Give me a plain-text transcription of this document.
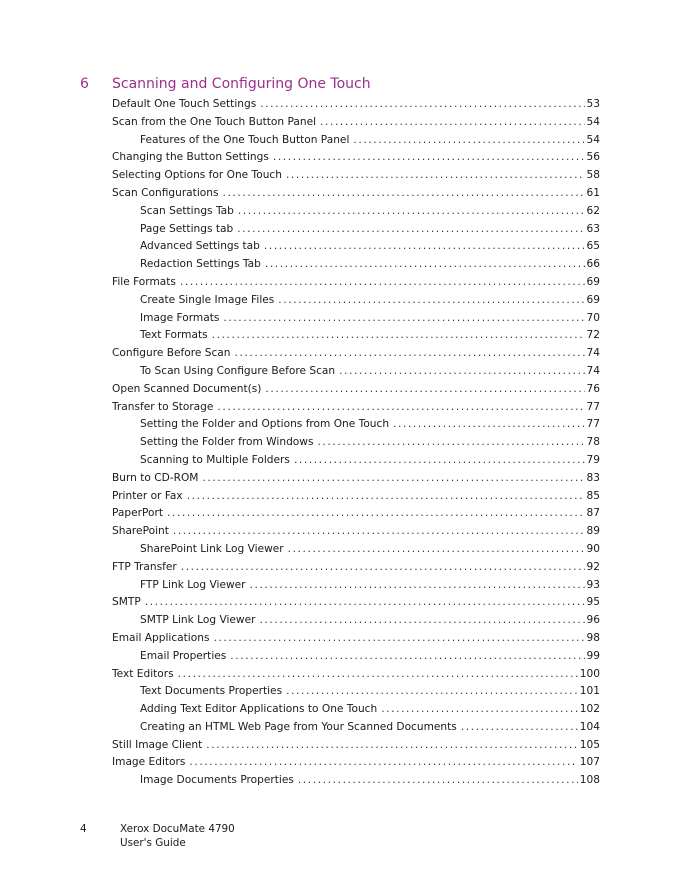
6 Scanning and Configuring One Touch
Default One Touch Settings .....	53
Scan from the One Touch Button Panel .....	54
Features of the One Touch Button Panel .....	54
Changing the Button Settings .....	56
Selecting Options for One Touch .....	58
Scan Configurations .....	61
Scan Settings Tab .....	62
Page Settings tab .....	63
Advanced Settings tab .....	65
Redaction Settings Tab .....	66
File Formats .....	69
Create Single Image Files .....	69
Image Formats .....	70
Text Formats .....	72
Configure Before Scan .....	74
To Scan Using Configure Before Scan .....	74
Open Scanned Document(s) .....	76
Transfer to Storage .....	77
Setting the Folder and Options from One Touch .....	77
Setting the Folder from Windows .....	78
Scanning to Multiple Folders .....	79
Burn to CD-ROM .....	83
Printer or Fax .....	85
PaperPort .....	87
SharePoint .....	89
SharePoint Link Log Viewer .....	90
FTP Transfer .....	92
FTP Link Log Viewer .....	93
SMTP .....	95
SMTP Link Log Viewer .....	96
Email Applications .....	98
Email Properties .....	99
Text Editors .....	100
Text Documents Properties .....	101
Adding Text Editor Applications to One Touch .....	102
Creating an HTML Web Page from Your Scanned Documents .....	104
Still Image Client .....	105
Image Editors .....	107
Image Documents Properties .....	108
4	Xerox DocuMate 4790
User's Guide
